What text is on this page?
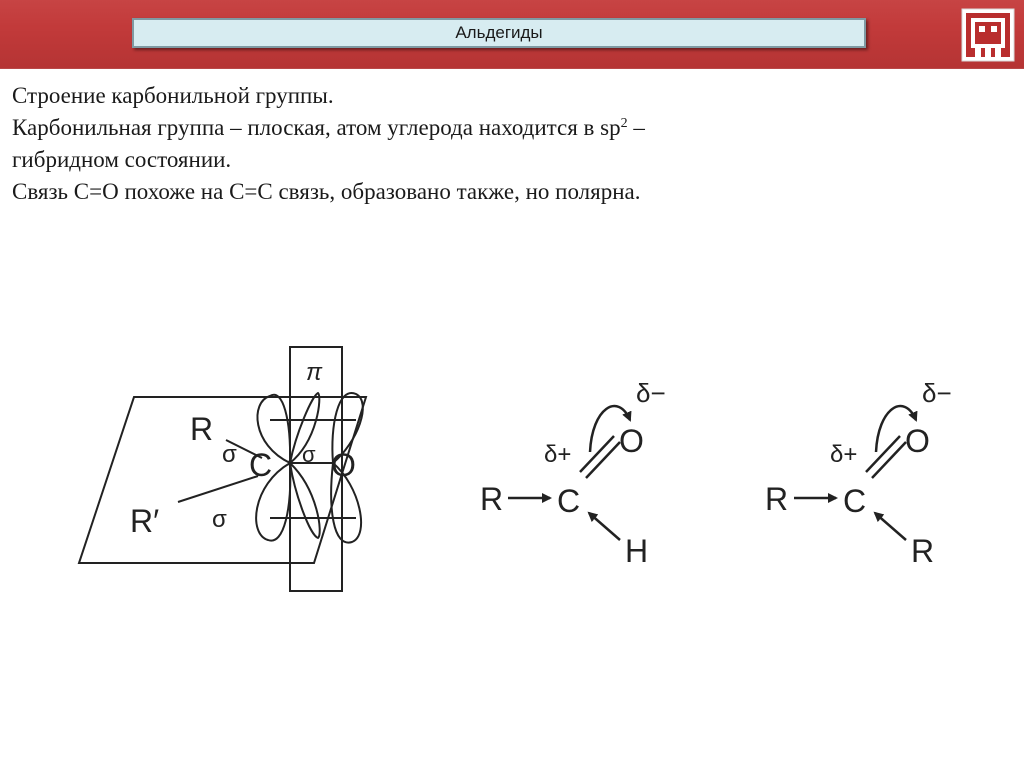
Альдегиды

Строение карбонильной группы.

Карбонильная группа – плоская, атом углерода находится в $sp^2$ –

гибридном состоянии.

Связь C=O похоже на C=C связь, образовано также, но полярна.

π
R
σ C σ O
R′ σ
δ−
δ+ O
C
R
H
δ−
δ+ O
C
R
R
